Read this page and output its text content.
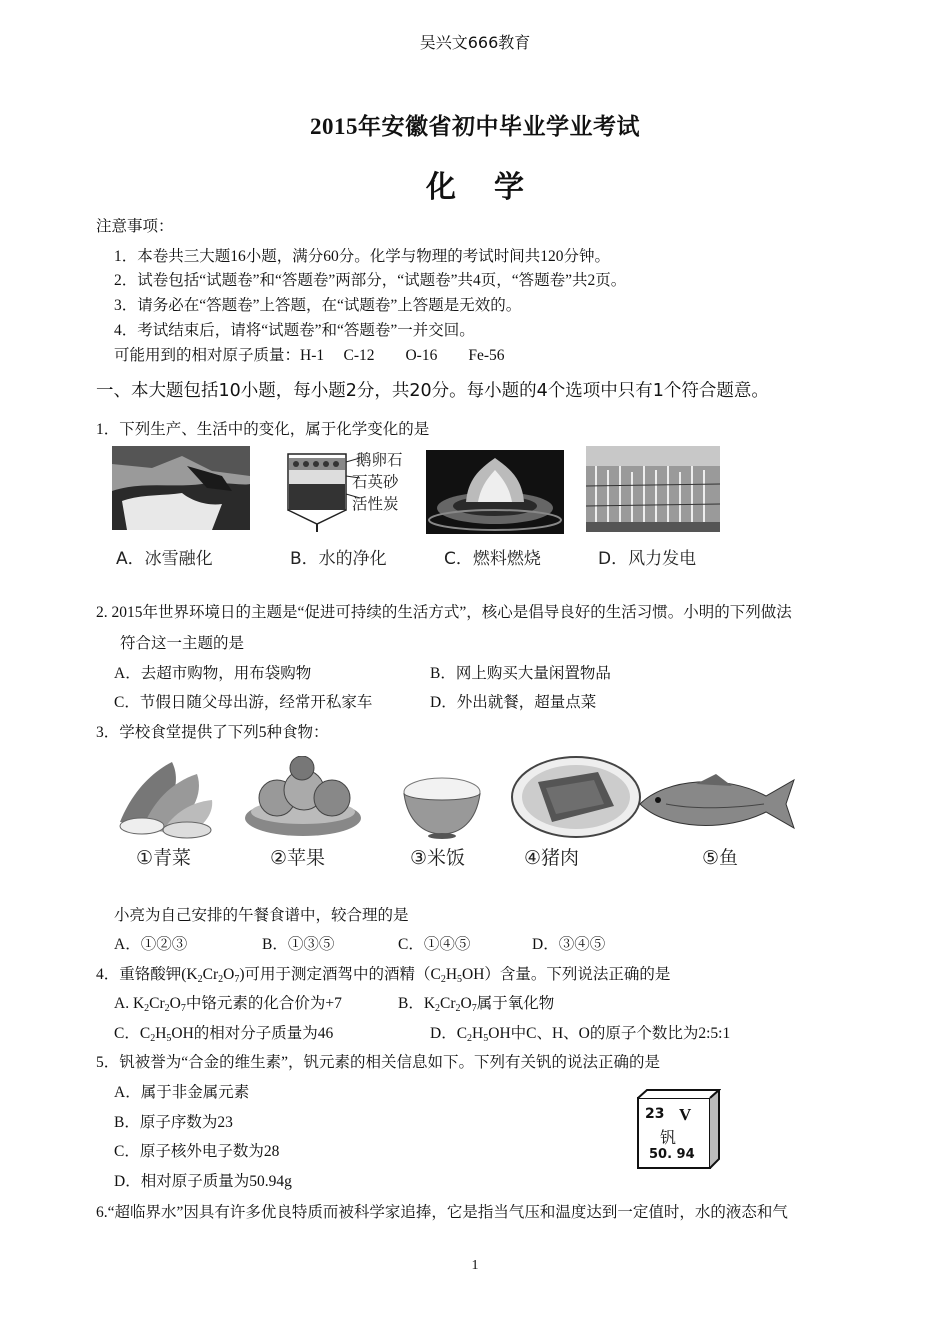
吴兴文666教育
2015年安徽省初中毕业学业考试
化学
注意事项：
1．本卷共三大题16小题，满分60分。化学与物理的考试时间共120分钟。
2．试卷包括“试题卷”和“答题卷”两部分，“试题卷”共4页，“答题卷”共2页。
3．请务必在“答题卷”上答题，在“试题卷”上答题是无效的。
4．考试结束后，请将“试题卷”和“答题卷”一并交回。
可能用到的相对原子质量：H-1　 C-12　　O-16　　Fe-56
一、本大题包括10小题，每小题2分，共20分。每小题的4个选项中只有1个符合题意。
1．下列生产、生活中的变化，属于化学变化的是
A．冰雪融化
鹅卵石
石英砂
活性炭
B．水的净化	C．燃料燃烧	D．风力发电
2. 2015年世界环境日的主题是“促进可持续的生活方式”，核心是倡导良好的生活习惯。小明的下列做法
符合这一主题的是
A．去超市购物，用布袋购物	B．网上购买大量闲置物品
C．节假日随父母出游，经常开私家车	D．外出就餐，超量点菜
3．学校食堂提供了下列5种食物：
①青菜	②苹果	③米饭	④猪肉	⑤鱼
小亮为自己安排的午餐食谱中，较合理的是
A．①②③	B．①③⑤	C．①④⑤	D．③④⑤
4．重铬酸钾$(K_2Cr_2O_7)$可用于测定酒驾中的酒精$(C_2H_5OH)$含量。下列说法正确的是
A. $K_2Cr_2O_7$中铬元素的化合价为+7	B．$K_2Cr_2O_7$属于氧化物
C．$C_2H_5OH$的相对分子质量为46	D．$C_2H_5OH$中C、H、O的原子个数比为2:5:1
5．钒被誉为“合金的维生素”，钒元素的相关信息如下。下列有关钒的说法正确的是
A．属于非金属元素
B．原子序数为23
C．原子核外电子数为28
D．相对原子质量为50.94g
23 V
钒
50. 94
6.“超临界水”因具有许多优良特质而被科学家追捧，它是指当气压和温度达到一定值时，水的液态和气
1
